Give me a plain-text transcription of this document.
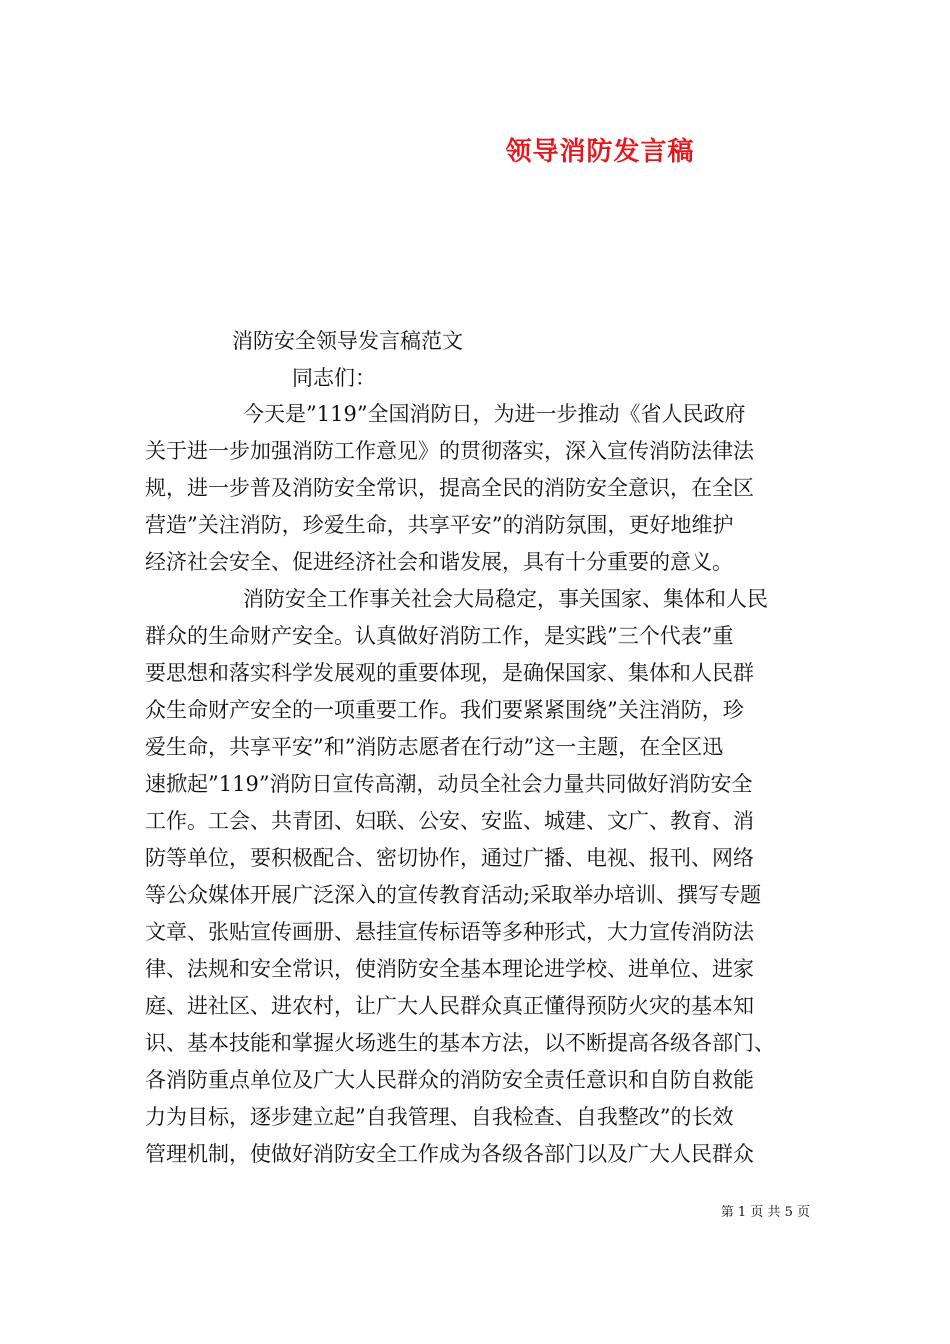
领导消防发言稿
消防安全领导发言稿范文
同志们：
今天是”119”全国消防日，为进一步推动《省人民政府
关于进一步加强消防工作意见》的贯彻落实，深入宣传消防法律法
规，进一步普及消防安全常识，提高全民的消防安全意识，在全区
营造”关注消防，珍爱生命，共享平安”的消防氛围，更好地维护
经济社会安全、促进经济社会和谐发展，具有十分重要的意义。
消防安全工作事关社会大局稳定，事关国家、集体和人民
群众的生命财产安全。认真做好消防工作，是实践”三个代表”重
要思想和落实科学发展观的重要体现，是确保国家、集体和人民群
众生命财产安全的一项重要工作。我们要紧紧围绕”关注消防，珍
爱生命，共享平安”和”消防志愿者在行动”这一主题，在全区迅
速掀起”119”消防日宣传高潮，动员全社会力量共同做好消防安全
工作。工会、共青团、妇联、公安、安监、城建、文广、教育、消
防等单位，要积极配合、密切协作，通过广播、电视、报刊、网络
等公众媒体开展广泛深入的宣传教育活动;采取举办培训、撰写专题
文章、张贴宣传画册、悬挂宣传标语等多种形式，大力宣传消防法
律、法规和安全常识，使消防安全基本理论进学校、进单位、进家
庭、进社区、进农村，让广大人民群众真正懂得预防火灾的基本知
识、基本技能和掌握火场逃生的基本方法，以不断提高各级各部门、
各消防重点单位及广大人民群众的消防安全责任意识和自防自救能
力为目标，逐步建立起”自我管理、自我检查、自我整改”的长效
管理机制，使做好消防安全工作成为各级各部门以及广大人民群众
第 1 页 共 5 页
